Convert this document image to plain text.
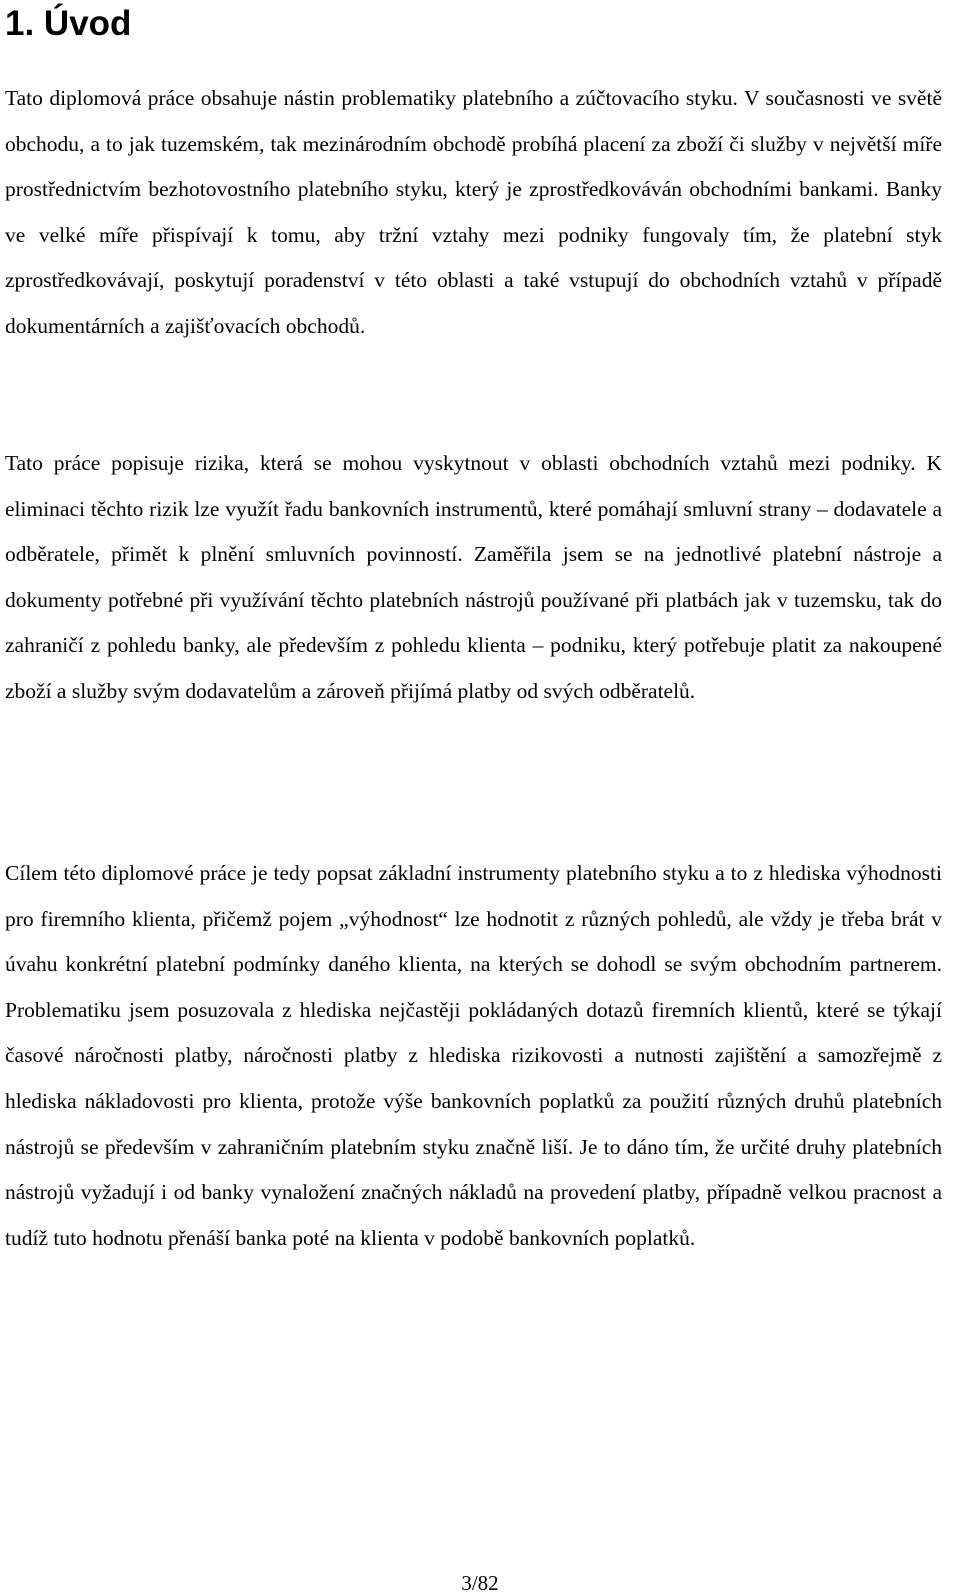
1. Úvod

Tato diplomová práce obsahuje nástin problematiky platebního a zúčtovacího styku. V současnosti ve světě obchodu, a to jak tuzemském, tak mezinárodním obchodě probíhá placení za zboží či služby v největší míře prostřednictvím bezhotovostního platebního styku, který je zprostředkováván obchodními bankami. Banky ve velké míře přispívají k tomu, aby tržní vztahy mezi podniky fungovaly tím, že platební styk zprostředkovávají, poskytují poradenství v této oblasti a také vstupují do obchodních vztahů v případě dokumentárních a zajišťovacích obchodů.

Tato práce popisuje rizika, která se mohou vyskytnout v oblasti obchodních vztahů mezi podniky. K eliminaci těchto rizik lze využít řadu bankovních instrumentů, které pomáhají smluvní strany – dodavatele a odběratele, přimět k plnění smluvních povinností. Zaměřila jsem se na jednotlivé platební nástroje a dokumenty potřebné při využívání těchto platebních nástrojů používané při platbách jak v tuzemsku, tak do zahraničí z pohledu banky, ale především z pohledu klienta – podniku, který potřebuje platit za nakoupené zboží a služby svým dodavatelům a zároveň přijímá platby od svých odběratelů.

Cílem této diplomové práce je tedy popsat základní instrumenty platebního styku a to z hlediska výhodnosti pro firemního klienta, přičemž pojem „výhodnost“ lze hodnotit z různých pohledů, ale vždy je třeba brát v úvahu konkrétní platební podmínky daného klienta, na kterých se dohodl se svým obchodním partnerem. Problematiku jsem posuzovala z hlediska nejčastěji pokládaných dotazů firemních klientů, které se týkají časové náročnosti platby, náročnosti platby z hlediska rizikovosti a nutnosti zajištění a samozřejmě z hlediska nákladovosti pro klienta, protože výše bankovních poplatků za použití různých druhů platebních nástrojů se především v zahraničním platebním styku značně liší. Je to dáno tím, že určité druhy platebních nástrojů vyžadují i od banky vynaložení značných nákladů na provedení platby, případně velkou pracnost a tudíž tuto hodnotu přenáší banka poté na klienta v podobě bankovních poplatků.

3/82
